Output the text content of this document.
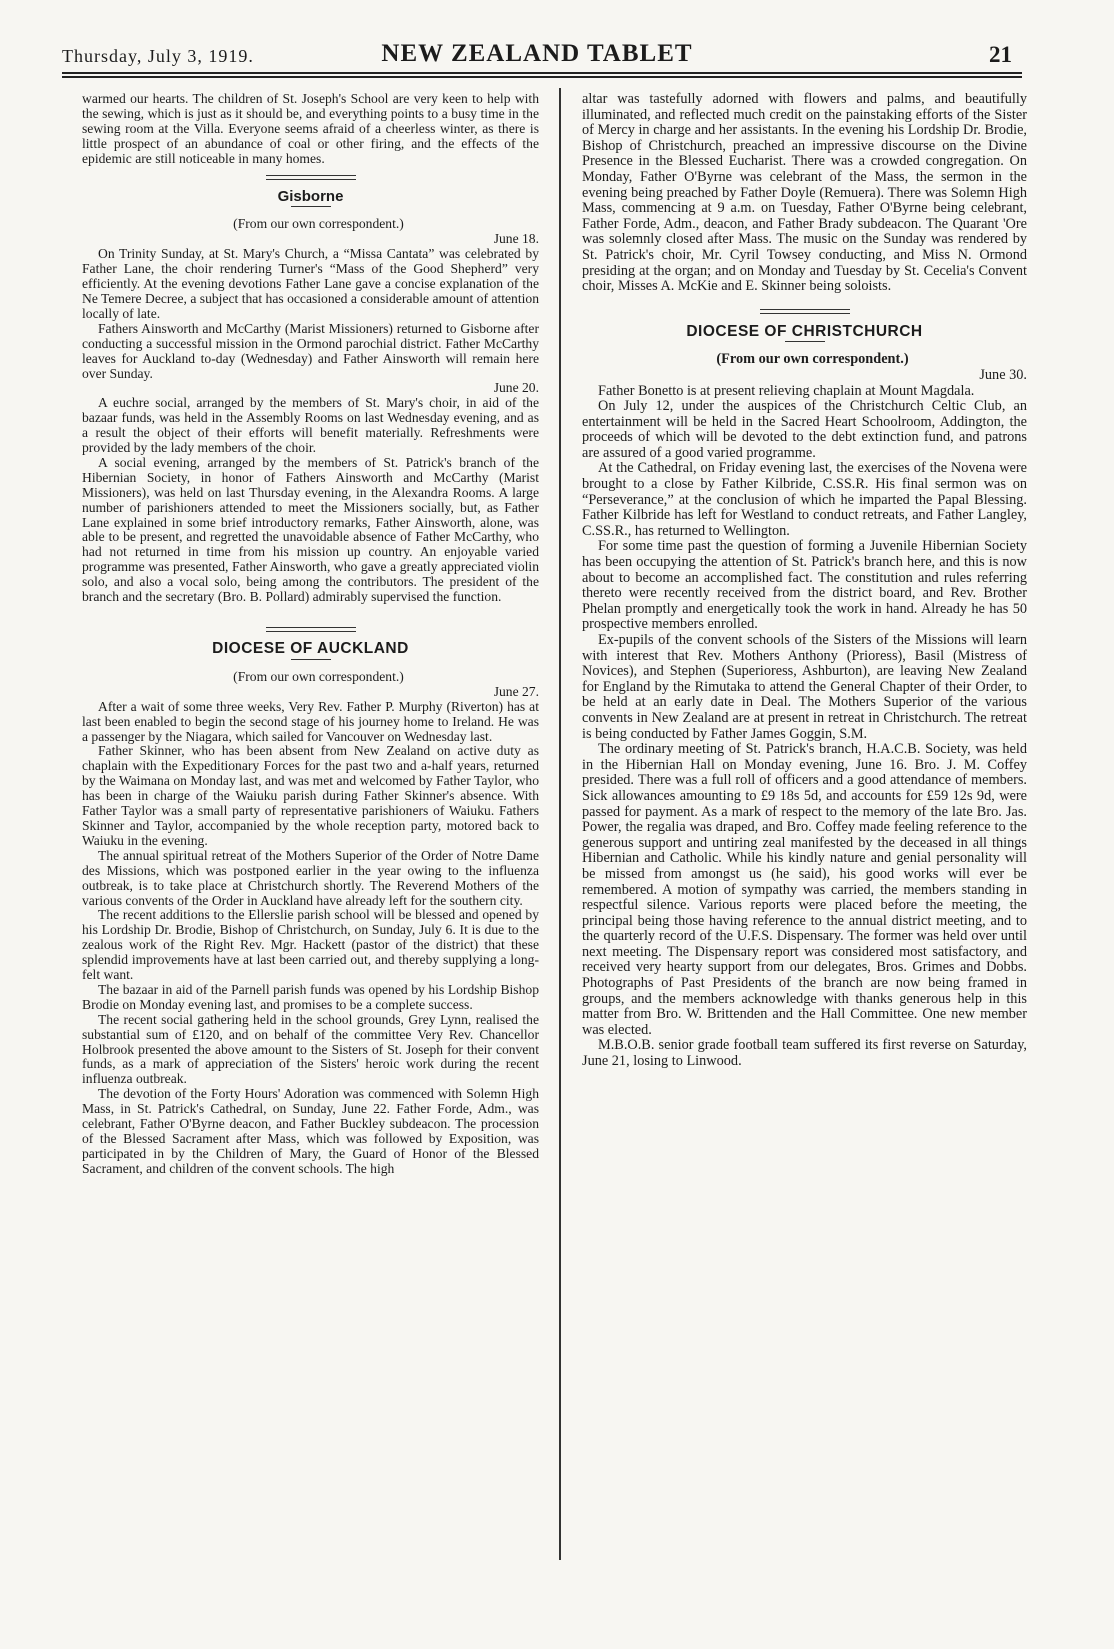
Thursday, July 3, 1919.	NEW ZEALAND TABLET	21

warmed our hearts. The children of St. Joseph's School are very keen to help with the sewing, which is just as it should be, and everything points to a busy time in the sewing room at the Villa. Everyone seems afraid of a cheerless winter, as there is little prospect of an abundance of coal or other firing, and the effects of the epidemic are still noticeable in many homes.

Gisborne

(From our own correspondent.)

June 18.

On Trinity Sunday, at St. Mary's Church, a “Missa Cantata” was celebrated by Father Lane, the choir rendering Turner's “Mass of the Good Shepherd” very efficiently. At the evening devotions Father Lane gave a concise explanation of the Ne Temere Decree, a subject that has occasioned a considerable amount of attention locally of late.

Fathers Ainsworth and McCarthy (Marist Missioners) returned to Gisborne after conducting a successful mission in the Ormond parochial district. Father McCarthy leaves for Auckland to-day (Wednesday) and Father Ainsworth will remain here over Sunday.

June 20.

A euchre social, arranged by the members of St. Mary's choir, in aid of the bazaar funds, was held in the Assembly Rooms on last Wednesday evening, and as a result the object of their efforts will benefit materially. Refreshments were provided by the lady members of the choir.

A social evening, arranged by the members of St. Patrick's branch of the Hibernian Society, in honor of Fathers Ainsworth and McCarthy (Marist Missioners), was held on last Thursday evening, in the Alexandra Rooms. A large number of parishioners attended to meet the Missioners socially, but, as Father Lane explained in some brief introductory remarks, Father Ainsworth, alone, was able to be present, and regretted the unavoidable absence of Father McCarthy, who had not returned in time from his mission up country. An enjoyable varied programme was presented, Father Ainsworth, who gave a greatly appreciated violin solo, and also a vocal solo, being among the contributors. The president of the branch and the secretary (Bro. B. Pollard) admirably supervised the function.

DIOCESE OF AUCKLAND

(From our own correspondent.)

June 27.

After a wait of some three weeks, Very Rev. Father P. Murphy (Riverton) has at last been enabled to begin the second stage of his journey home to Ireland. He was a passenger by the Niagara, which sailed for Vancouver on Wednesday last.

Father Skinner, who has been absent from New Zealand on active duty as chaplain with the Expeditionary Forces for the past two and a-half years, returned by the Waimana on Monday last, and was met and welcomed by Father Taylor, who has been in charge of the Waiuku parish during Father Skinner's absence. With Father Taylor was a small party of representative parishioners of Waiuku. Fathers Skinner and Taylor, accompanied by the whole reception party, motored back to Waiuku in the evening.

The annual spiritual retreat of the Mothers Superior of the Order of Notre Dame des Missions, which was postponed earlier in the year owing to the influenza outbreak, is to take place at Christchurch shortly. The Reverend Mothers of the various convents of the Order in Auckland have already left for the southern city.

The recent additions to the Ellerslie parish school will be blessed and opened by his Lordship Dr. Brodie, Bishop of Christchurch, on Sunday, July 6. It is due to the zealous work of the Right Rev. Mgr. Hackett (pastor of the district) that these splendid improvements have at last been carried out, and thereby supplying a long-felt want.

The bazaar in aid of the Parnell parish funds was opened by his Lordship Bishop Brodie on Monday evening last, and promises to be a complete success.

The recent social gathering held in the school grounds, Grey Lynn, realised the substantial sum of £120, and on behalf of the committee Very Rev. Chancellor Holbrook presented the above amount to the Sisters of St. Joseph for their convent funds, as a mark of appreciation of the Sisters' heroic work during the recent influenza outbreak.

The devotion of the Forty Hours' Adoration was commenced with Solemn High Mass, in St. Patrick's Cathedral, on Sunday, June 22. Father Forde, Adm., was celebrant, Father O'Byrne deacon, and Father Buckley subdeacon. The procession of the Blessed Sacrament after Mass, which was followed by Exposition, was participated in by the Children of Mary, the Guard of Honor of the Blessed Sacrament, and children of the convent schools. The high

altar was tastefully adorned with flowers and palms, and beautifully illuminated, and reflected much credit on the painstaking efforts of the Sister of Mercy in charge and her assistants. In the evening his Lordship Dr. Brodie, Bishop of Christchurch, preached an impressive discourse on the Divine Presence in the Blessed Eucharist. There was a crowded congregation. On Monday, Father O'Byrne was celebrant of the Mass, the sermon in the evening being preached by Father Doyle (Remuera). There was Solemn High Mass, commencing at 9 a.m. on Tuesday, Father O'Byrne being celebrant, Father Forde, Adm., deacon, and Father Brady subdeacon. The Quarant 'Ore was solemnly closed after Mass. The music on the Sunday was rendered by St. Patrick's choir, Mr. Cyril Towsey conducting, and Miss N. Ormond presiding at the organ; and on Monday and Tuesday by St. Cecelia's Convent choir, Misses A. McKie and E. Skinner being soloists.

DIOCESE OF CHRISTCHURCH

(From our own correspondent.)

June 30.

Father Bonetto is at present relieving chaplain at Mount Magdala.

On July 12, under the auspices of the Christchurch Celtic Club, an entertainment will be held in the Sacred Heart Schoolroom, Addington, the proceeds of which will be devoted to the debt extinction fund, and patrons are assured of a good varied programme.

At the Cathedral, on Friday evening last, the exercises of the Novena were brought to a close by Father Kilbride, C.SS.R. His final sermon was on “Perseverance,” at the conclusion of which he imparted the Papal Blessing. Father Kilbride has left for Westland to conduct retreats, and Father Langley, C.SS.R., has returned to Wellington.

For some time past the question of forming a Juvenile Hibernian Society has been occupying the attention of St. Patrick's branch here, and this is now about to become an accomplished fact. The constitution and rules referring thereto were recently received from the district board, and Rev. Brother Phelan promptly and energetically took the work in hand. Already he has 50 prospective members enrolled.

Ex-pupils of the convent schools of the Sisters of the Missions will learn with interest that Rev. Mothers Anthony (Prioress), Basil (Mistress of Novices), and Stephen (Superioress, Ashburton), are leaving New Zealand for England by the Rimutaka to attend the General Chapter of their Order, to be held at an early date in Deal. The Mothers Superior of the various convents in New Zealand are at present in retreat in Christchurch. The retreat is being conducted by Father James Goggin, S.M.

The ordinary meeting of St. Patrick's branch, H.A.C.B. Society, was held in the Hibernian Hall on Monday evening, June 16. Bro. J. M. Coffey presided. There was a full roll of officers and a good attendance of members. Sick allowances amounting to £9 18s 5d, and accounts for £59 12s 9d, were passed for payment. As a mark of respect to the memory of the late Bro. Jas. Power, the regalia was draped, and Bro. Coffey made feeling reference to the generous support and untiring zeal manifested by the deceased in all things Hibernian and Catholic. While his kindly nature and genial personality will be missed from amongst us (he said), his good works will ever be remembered. A motion of sympathy was carried, the members standing in respectful silence. Various reports were placed before the meeting, the principal being those having reference to the annual district meeting, and to the quarterly record of the U.F.S. Dispensary. The former was held over until next meeting. The Dispensary report was considered most satisfactory, and received very hearty support from our delegates, Bros. Grimes and Dobbs. Photographs of Past Presidents of the branch are now being framed in groups, and the members acknowledge with thanks generous help in this matter from Bro. W. Brittenden and the Hall Committee. One new member was elected.

M.B.O.B. senior grade football team suffered its first reverse on Saturday, June 21, losing to Linwood.
